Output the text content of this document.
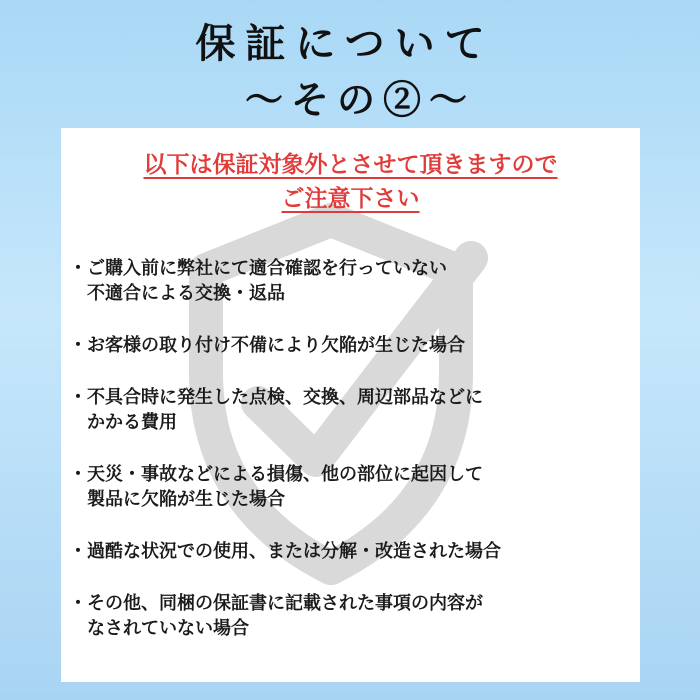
保証について
～その②～
以下は保証対象外とさせて頂きますので
ご注意下さい
・ ご購入前に弊社にて適合確認を行っていない
不適合による交換・返品
・ お客様の取り付け不備により欠陥が生じた場合
・ 不具合時に発生した点検、交換、周辺部品などに
かかる費用
・ 天災・事故などによる損傷、他の部位に起因して
製品に欠陥が生じた場合
・ 過酷な状況での使用、または分解・改造された場合
・ その他、同梱の保証書に記載された事項の内容が
なされていない場合
